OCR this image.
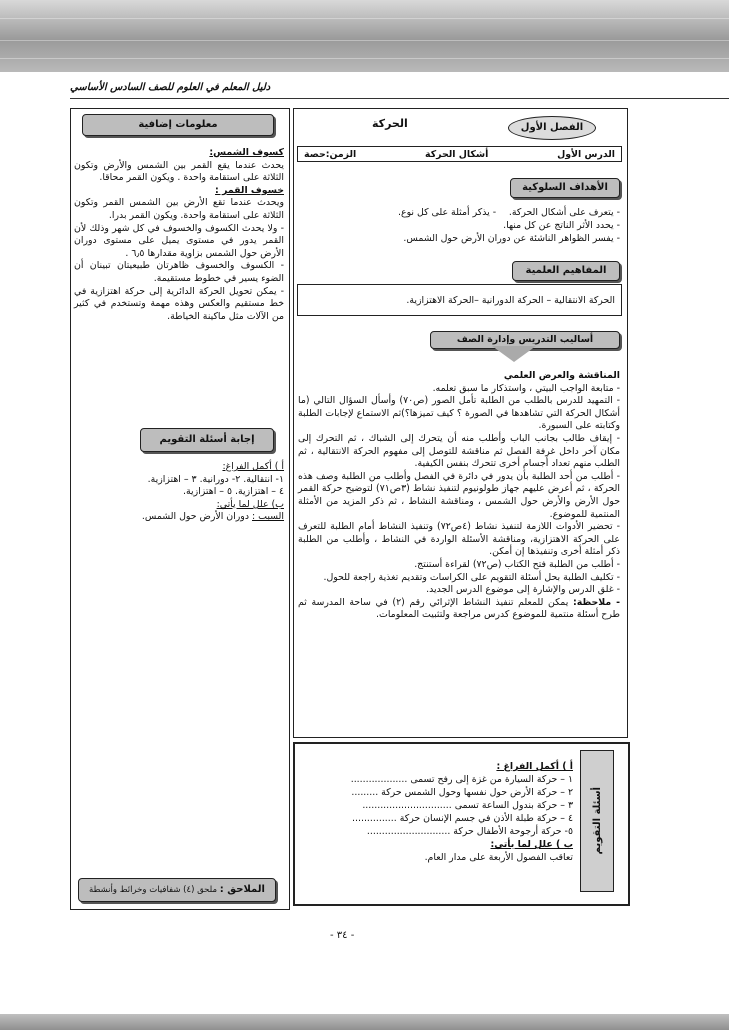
دليل المعلم في العلوم للصف السادس الأساسي
معلومات إضافية

كسوف الشمس:

يحدث عندما يقع القمر بين الشمس والأرض وتكون الثلاثة على استقامة واحدة . ويكون القمر محاقا.

خسوف القمر :

ويحدث عندما تقع الأرض بين الشمس القمر وتكون الثلاثة على استقامة واحدة. ويكون القمر بدرا.

- ولا يحدث الكسوف والخسوف في كل شهر وذلك لأن القمر يدور في مستوى يميل على مستوى دوران الأرض حول الشمس بزاوية مقدارها ٦٫٥ .

- الكسوف والخسوف ظاهرتان طبيعيتان تبينان أن الضوء يسير في خطوط مستقيمة.

- يمكن تحويل الحركة الدائرية إلى حركة اهتزازية في خط مستقيم والعكس وهذه مهمة وتستخدم في كثير من الآلات مثل ماكينة الخياطة.

إجابة أسئلة التقويم

أ ) أكمل الفراغ:

١- انتقالية. ٢- دورانية. ٣ – اهتزازية.

٤ – اهتزازية. ٥ – اهتزازية.

ب) علل لما يأتي:

السبب : دوران الأرض حول الشمس.

الملاحق : ملحق (٤) شفافيات وخرائط وأنشطة
الفصل الأول
الحركة
الدرس الأول
أشكال الحركة
الزمن:حصة
الأهداف السلوكية
- يتعرف على أشكال الحركة.
- يذكر أمثلة على كل نوع.
- يحدد الأثر الناتج عن كل منها.
- يفسر الظواهر الناشئة عن دوران الأرض حول الشمس.
المفاهيم العلمية
الحركة الانتقالية – الحركة الدورانية –الحركة الاهتزازية.
أساليب التدريس وإدارة الصف

المناقشة والعرض العلمي

- متابعة الواجب البيتي ، واستذكار ما سبق تعلمه.

- التمهيد للدرس بالطلب من الطلبة تأمل الصور (ص٧٠) وأسأل السؤال التالي (ما أشكال الحركة التي تشاهدها في الصورة ؟ كيف تميزها؟)ثم الاستماع لإجابات الطلبة وكتابته على السبورة.

- إيقاف طالب بجانب الباب وأطلب منه أن يتحرك إلى الشباك ، ثم التحرك إلى مكان آخر داخل غرفة الفصل ثم مناقشة للتوصل إلى مفهوم الحركة الانتقالية ، ثم الطلب منهم تعداد أجسام أخرى تتحرك بنفس الكيفية.

- أطلب من أحد الطلبة بأن يدور في دائرة في الفصل وأطلب من الطلبة وصف هذه الحركة ، ثم أعرض عليهم جهاز طولونيوم لتنفيذ نشاط (٣ص٧١) لتوضيح حركة القمر حول الأرض والأرض حول الشمس ، ومناقشة النشاط ، ثم ذكر المزيد من الأمثلة المنتمية للموضوع.

- تحضير الأدوات اللازمة لتنفيذ نشاط (٤ص٧٢) وتنفيذ النشاط أمام الطلبة للتعرف على الحركة الاهتزازية، ومناقشة الأسئلة الواردة في النشاط ، وأطلب من الطلبة ذكر أمثلة أخرى وتنفيذها إن أمكن.

- أطلب من الطلبة فتح الكتاب (ص٧٢) لقراءة أستنتج.

- تكليف الطلبة بحل أسئلة التقويم على الكراسات وتقديم تغذية راجعة للحول.

- غلق الدرس والإشارة إلى موضوع الدرس الجديد.

- ملاحظة: يمكن للمعلم تنفيذ النشاط الإثرائي رقم (٢) في ساحة المدرسة ثم طرح أسئلة منتمية للموضوع كدرس مراجعة ولتثبيت المعلومات.

أسئلة التقويم
أ ) أكمل الفراغ :
١ – حركة السيارة من غزة إلى رفح تسمى ...................
٢ – حركة الأرض حول نفسها وحول الشمس حركة .........
٣ – حركة بندول الساعة تسمى ..............................
٤ – حركة طبلة الأذن في جسم الإنسان حركة ...............
٥- حركة أرجوحة الأطفال حركة ............................
ب ) علل لما يأتي:
تعاقب الفصول الأربعة على مدار العام.
- ٣٤ -
